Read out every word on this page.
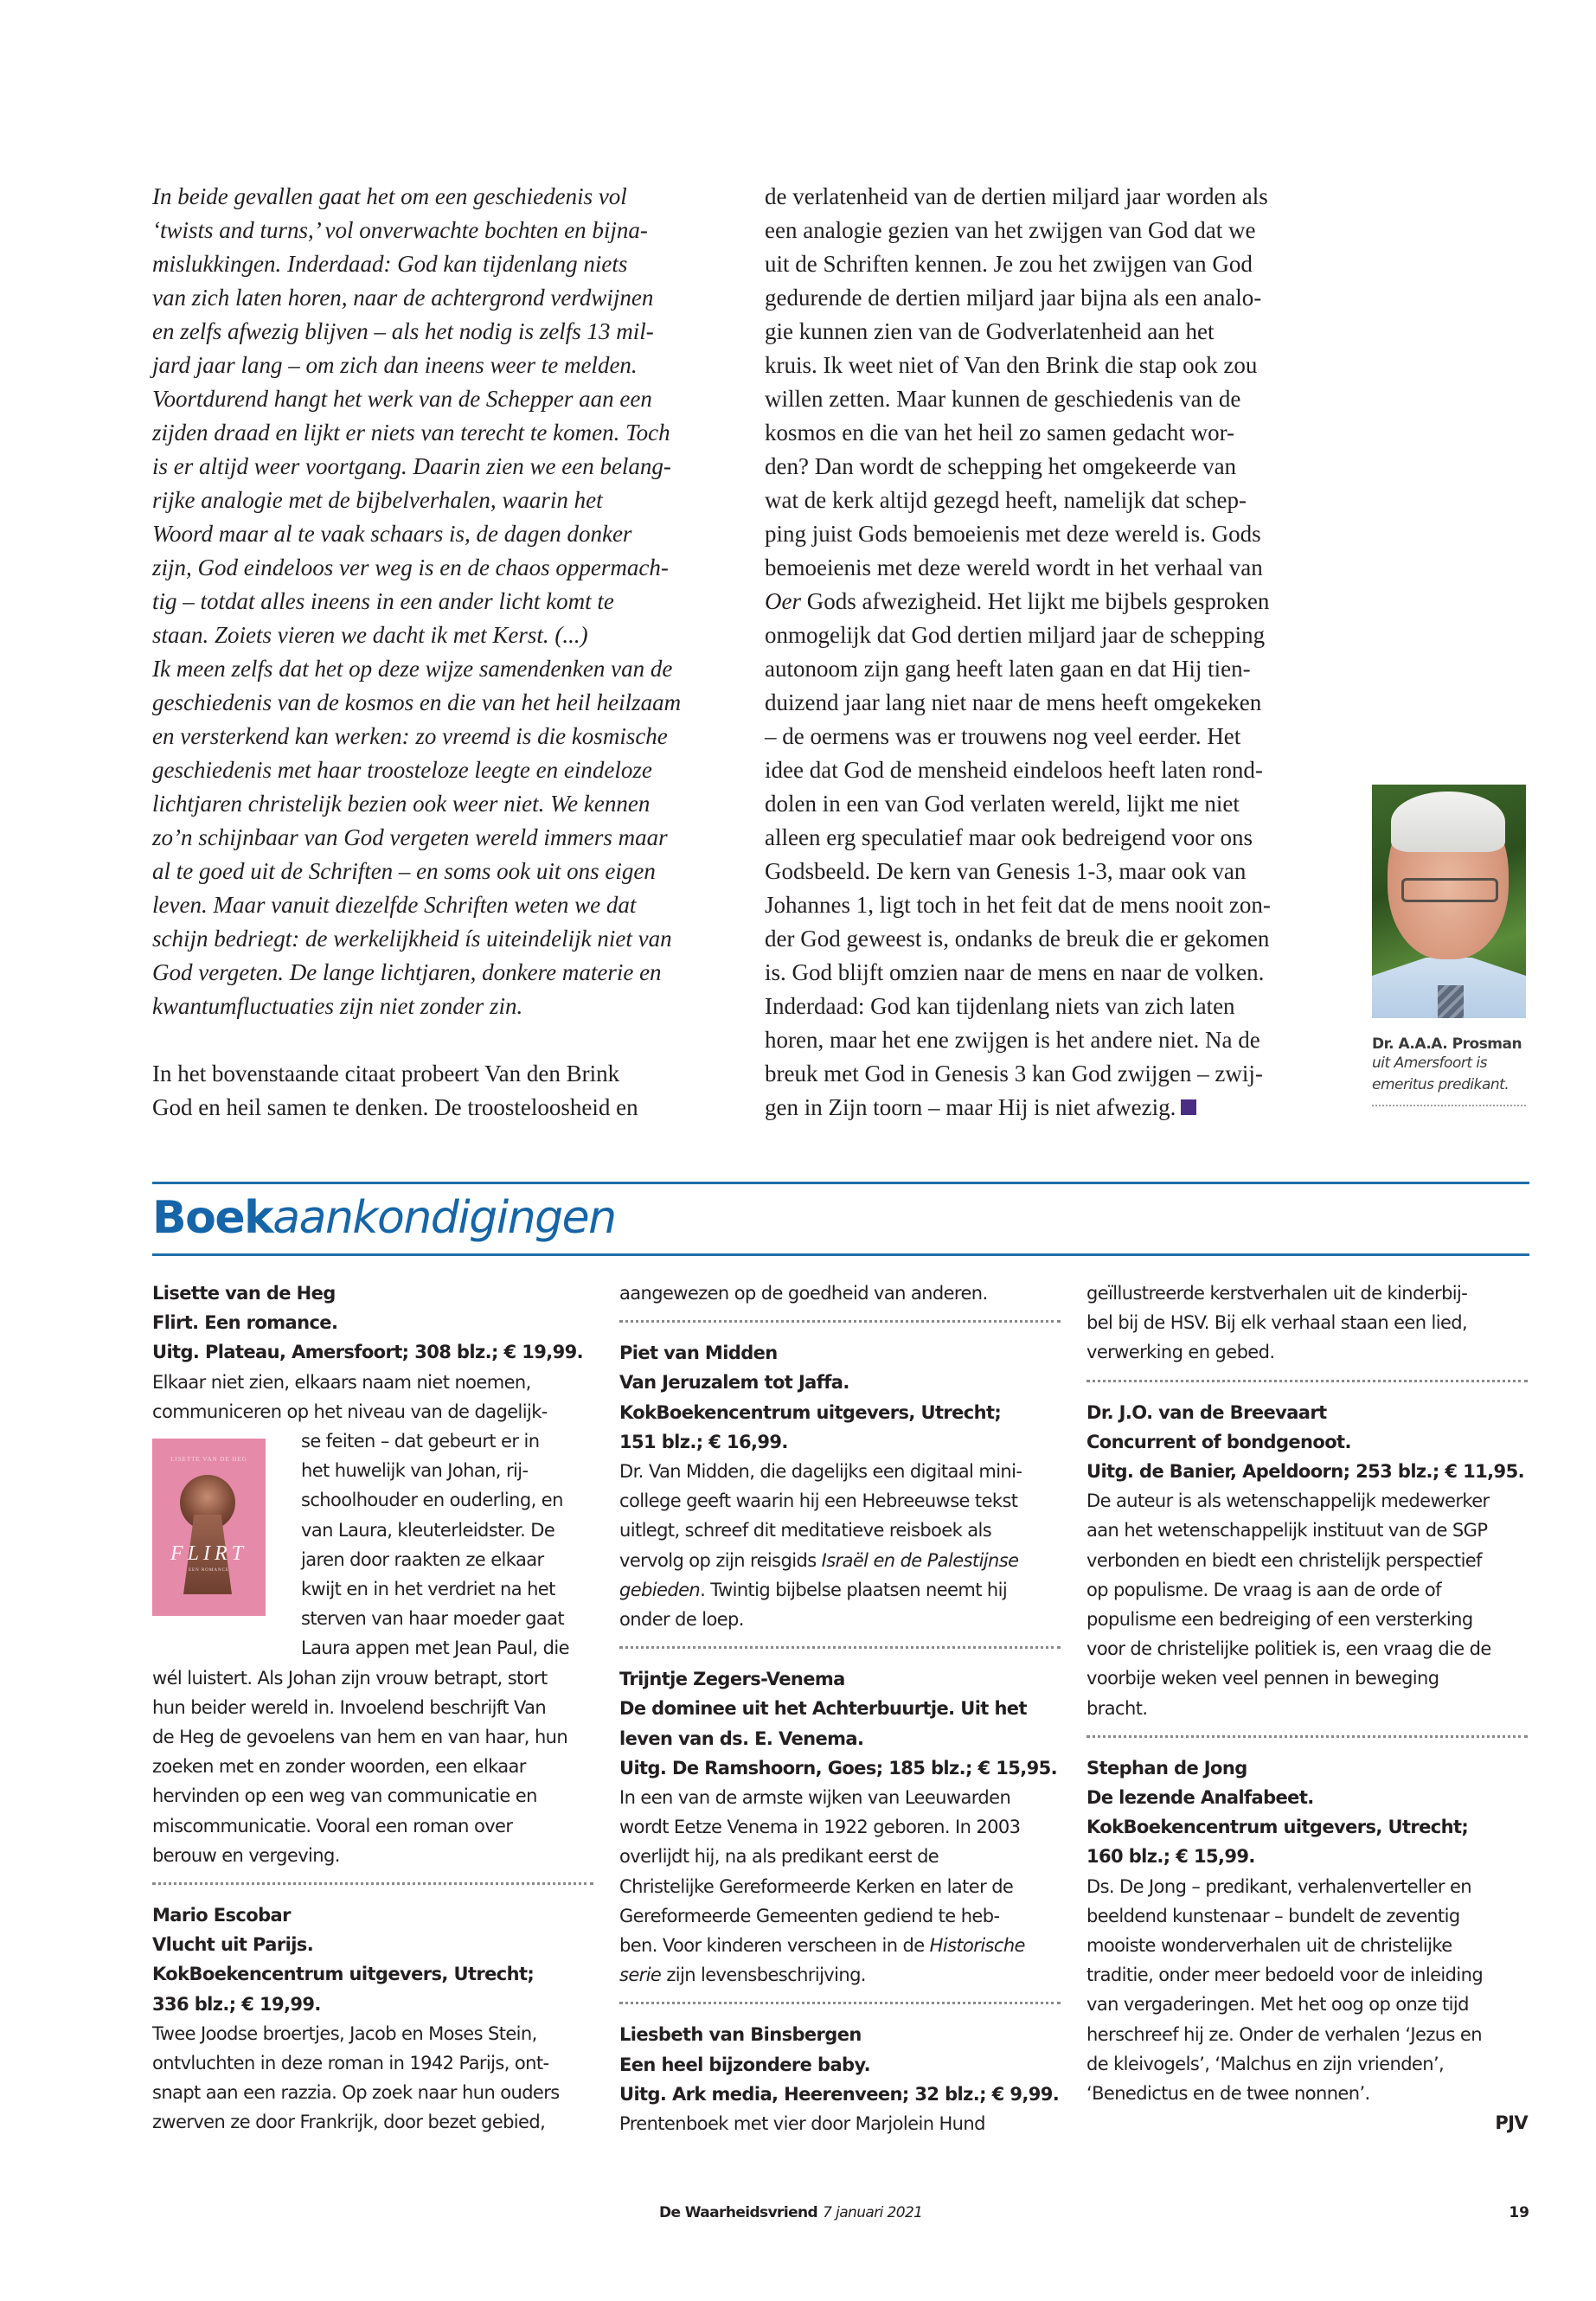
In beide gevallen gaat het om een geschiedenis vol
‘twists and turns,’ vol onverwachte bochten en bijna-
mislukkingen. Inderdaad: God kan tijdenlang niets
van zich laten horen, naar de achtergrond verdwijnen
en zelfs afwezig blijven – als het nodig is zelfs 13 mil-
jard jaar lang – om zich dan ineens weer te melden.
Voortdurend hangt het werk van de Schepper aan een
zijden draad en lijkt er niets van terecht te komen. Toch
is er altijd weer voortgang. Daarin zien we een belang-
rijke analogie met de bijbelverhalen, waarin het
Woord maar al te vaak schaars is, de dagen donker
zijn, God eindeloos ver weg is en de chaos oppermach-
tig – totdat alles ineens in een ander licht komt te
staan. Zoiets vieren we dacht ik met Kerst. (...)
Ik meen zelfs dat het op deze wijze samendenken van de
geschiedenis van de kosmos en die van het heil heilzaam
en versterkend kan werken: zo vreemd is die kosmische
geschiedenis met haar troosteloze leegte en eindeloze
lichtjaren christelijk bezien ook weer niet. We kennen
zo’n schijnbaar van God vergeten wereld immers maar
al te goed uit de Schriften – en soms ook uit ons eigen
leven. Maar vanuit diezelfde Schriften weten we dat
schijn bedriegt: de werkelijkheid ís uiteindelijk niet van
God vergeten. De lange lichtjaren, donkere materie en
kwantumfluctuaties zijn niet zonder zin.
In het bovenstaande citaat probeert Van den Brink
God en heil samen te denken. De troosteloosheid en
de verlatenheid van de dertien miljard jaar worden als
een analogie gezien van het zwijgen van God dat we
uit de Schriften kennen. Je zou het zwijgen van God
gedurende de dertien miljard jaar bijna als een analo-
gie kunnen zien van de Godverlatenheid aan het
kruis. Ik weet niet of Van den Brink die stap ook zou
willen zetten. Maar kunnen de geschiedenis van de
kosmos en die van het heil zo samen gedacht wor-
den? Dan wordt de schepping het omgekeerde van
wat de kerk altijd gezegd heeft, namelijk dat schep-
ping juist Gods bemoeienis met deze wereld is. Gods
bemoeienis met deze wereld wordt in het verhaal van
Oer Gods afwezigheid. Het lijkt me bijbels gesproken
onmogelijk dat God dertien miljard jaar de schepping
autonoom zijn gang heeft laten gaan en dat Hij tien-
duizend jaar lang niet naar de mens heeft omgekeken
– de oermens was er trouwens nog veel eerder. Het
idee dat God de mensheid eindeloos heeft laten rond-
dolen in een van God verlaten wereld, lijkt me niet
alleen erg speculatief maar ook bedreigend voor ons
Godsbeeld. De kern van Genesis 1-3, maar ook van
Johannes 1, ligt toch in het feit dat de mens nooit zon-
der God geweest is, ondanks de breuk die er gekomen
is. God blijft omzien naar de mens en naar de volken.
Inderdaad: God kan tijdenlang niets van zich laten
horen, maar het ene zwijgen is het andere niet. Na de
breuk met God in Genesis 3 kan God zwijgen – zwij-
gen in Zijn toorn – maar Hij is niet afwezig.
Dr. A.A.A. Prosman
uit Amersfoort is
emeritus predikant.
Boekaankondigingen
LISETTE VAN DE HEG
FLIRT
EEN ROMANCE
Lisette van de Heg
Flirt. Een romance.
Uitg. Plateau, Amersfoort; 308 blz.; € 19,99.
Elkaar niet zien, elkaars naam niet noemen,
communiceren op het niveau van de dagelijk-
se feiten – dat gebeurt er in
het huwelijk van Johan, rij-
schoolhouder en ouderling, en
van Laura, kleuterleidster. De
jaren door raakten ze elkaar
kwijt en in het verdriet na het
sterven van haar moeder gaat
Laura appen met Jean Paul, die
wél luistert. Als Johan zijn vrouw betrapt, stort
hun beider wereld in. Invoelend beschrijft Van
de Heg de gevoelens van hem en van haar, hun
zoeken met en zonder woorden, een elkaar
hervinden op een weg van communicatie en
miscommunicatie. Vooral een roman over
berouw en vergeving.
Mario Escobar
Vlucht uit Parijs.
KokBoekencentrum uitgevers, Utrecht;
336 blz.; € 19,99.
Twee Joodse broertjes, Jacob en Moses Stein,
ontvluchten in deze roman in 1942 Parijs, ont-
snapt aan een razzia. Op zoek naar hun ouders
zwerven ze door Frankrijk, door bezet gebied,
aangewezen op de goedheid van anderen.
Piet van Midden
Van Jeruzalem tot Jaffa.
KokBoekencentrum uitgevers, Utrecht;
151 blz.; € 16,99.
Dr. Van Midden, die dagelijks een digitaal mini-
college geeft waarin hij een Hebreeuwse tekst
uitlegt, schreef dit meditatieve reisboek als
vervolg op zijn reisgids Israël en de Palestijnse
gebieden. Twintig bijbelse plaatsen neemt hij
onder de loep.
Trijntje Zegers-Venema
De dominee uit het Achterbuurtje. Uit het
leven van ds. E. Venema.
Uitg. De Ramshoorn, Goes; 185 blz.; € 15,95.
In een van de armste wijken van Leeuwarden
wordt Eetze Venema in 1922 geboren. In 2003
overlijdt hij, na als predikant eerst de
Christelijke Gereformeerde Kerken en later de
Gereformeerde Gemeenten gediend te heb-
ben. Voor kinderen verscheen in de Historische
serie zijn levensbeschrijving.
Liesbeth van Binsbergen
Een heel bijzondere baby.
Uitg. Ark media, Heerenveen; 32 blz.; € 9,99.
Prentenboek met vier door Marjolein Hund
geïllustreerde kerstverhalen uit de kinderbij-
bel bij de HSV. Bij elk verhaal staan een lied,
verwerking en gebed.
Dr. J.O. van de Breevaart
Concurrent of bondgenoot.
Uitg. de Banier, Apeldoorn; 253 blz.; € 11,95.
De auteur is als wetenschappelijk medewerker
aan het wetenschappelijk instituut van de SGP
verbonden en biedt een christelijk perspectief
op populisme. De vraag is aan de orde of
populisme een bedreiging of een versterking
voor de christelijke politiek is, een vraag die de
voorbije weken veel pennen in beweging
bracht.
Stephan de Jong
De lezende Analfabeet.
KokBoekencentrum uitgevers, Utrecht;
160 blz.; € 15,99.
Ds. De Jong – predikant, verhalenverteller en
beeldend kunstenaar – bundelt de zeventig
mooiste wonderverhalen uit de christelijke
traditie, onder meer bedoeld voor de inleiding
van vergaderingen. Met het oog op onze tijd
herschreef hij ze. Onder de verhalen ‘Jezus en
de kleivogels’, ‘Malchus en zijn vrienden’,
‘Benedictus en de twee nonnen’.
PJV
De Waarheidsvriend 7 januari 2021	19
